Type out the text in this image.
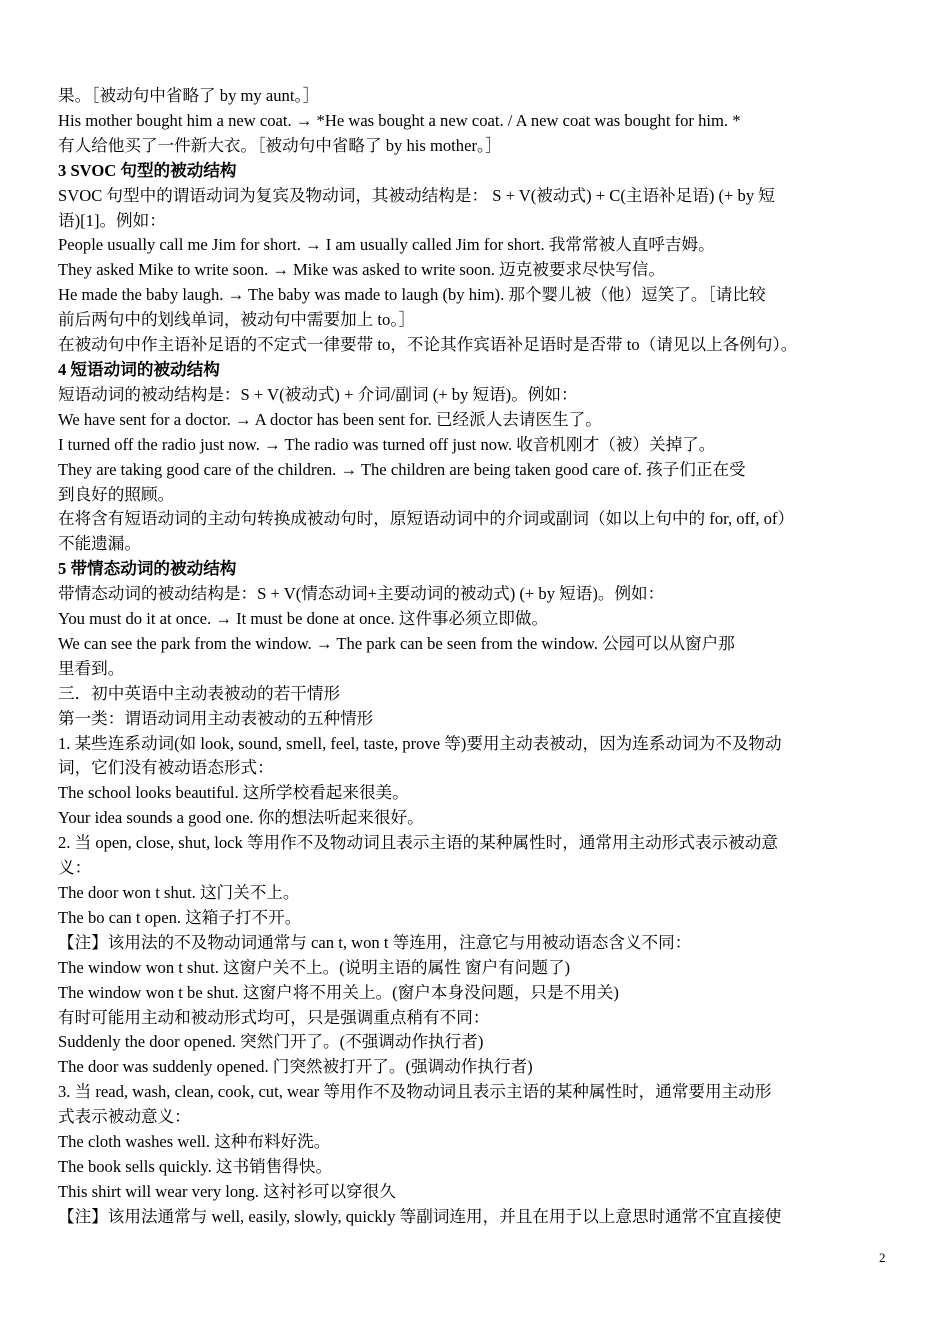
果。［被动句中省略了 by my aunt。］
His mother bought him a new coat. → *He was bought a new coat. / A new coat was bought for him. *
有人给他买了一件新大衣。［被动句中省略了 by his mother。］
3 SVOC 句型的被动结构
SVOC 句型中的谓语动词为复宾及物动词，其被动结构是： S + V(被动式) + C(主语补足语) (+ by 短
语)[1]。例如：
People usually call me Jim for short. → I am usually called Jim for short. 我常常被人直呼吉姆。
They asked Mike to write soon. → Mike was asked to write soon. 迈克被要求尽快写信。
He made the baby laugh. → The baby was made to laugh (by him). 那个婴儿被（他）逗笑了。［请比较
前后两句中的划线单词，被动句中需要加上 to。］
在被动句中作主语补足语的不定式一律要带 to，不论其作宾语补足语时是否带 to（请见以上各例句）。
4 短语动词的被动结构
短语动词的被动结构是：S + V(被动式) + 介词/副词 (+ by 短语)。例如：
We have sent for a doctor. → A doctor has been sent for. 已经派人去请医生了。
I turned off the radio just now. → The radio was turned off just now. 收音机刚才（被）关掉了。
They are taking good care of the children. → The children are being taken good care of. 孩子们正在受
到良好的照顾。
在将含有短语动词的主动句转换成被动句时，原短语动词中的介词或副词（如以上句中的 for, off, of）
不能遗漏。
5 带情态动词的被动结构
带情态动词的被动结构是：S + V(情态动词+主要动词的被动式) (+ by 短语)。例如：
You must do it at once. → It must be done at once. 这件事必须立即做。
We can see the park from the window. → The park can be seen from the window. 公园可以从窗户那
里看到。
三．初中英语中主动表被动的若干情形
第一类：谓语动词用主动表被动的五种情形
1. 某些连系动词(如 look, sound, smell, feel, taste, prove 等)要用主动表被动，因为连系动词为不及物动
词，它们没有被动语态形式：
The school looks beautiful. 这所学校看起来很美。
Your idea sounds a good one. 你的想法听起来很好。
2. 当 open, close, shut, lock 等用作不及物动词且表示主语的某种属性时，通常用主动形式表示被动意
义：
The door won t shut. 这门关不上。
The bo can t open. 这箱子打不开。
【注】该用法的不及物动词通常与 can t, won t 等连用，注意它与用被动语态含义不同：
The window won t shut. 这窗户关不上。(说明主语的属性 窗户有问题了)
The window won t be shut. 这窗户将不用关上。(窗户本身没问题，只是不用关)
有时可能用主动和被动形式均可，只是强调重点稍有不同：
Suddenly the door opened. 突然门开了。(不强调动作执行者)
The door was suddenly opened. 门突然被打开了。(强调动作执行者)
3. 当 read, wash, clean, cook, cut, wear 等用作不及物动词且表示主语的某种属性时，通常要用主动形
式表示被动意义：
The cloth washes well. 这种布料好洗。
The book sells quickly. 这书销售得快。
This shirt will wear very long. 这衬衫可以穿很久
【注】该用法通常与 well, easily, slowly, quickly 等副词连用，并且在用于以上意思时通常不宜直接使
2
